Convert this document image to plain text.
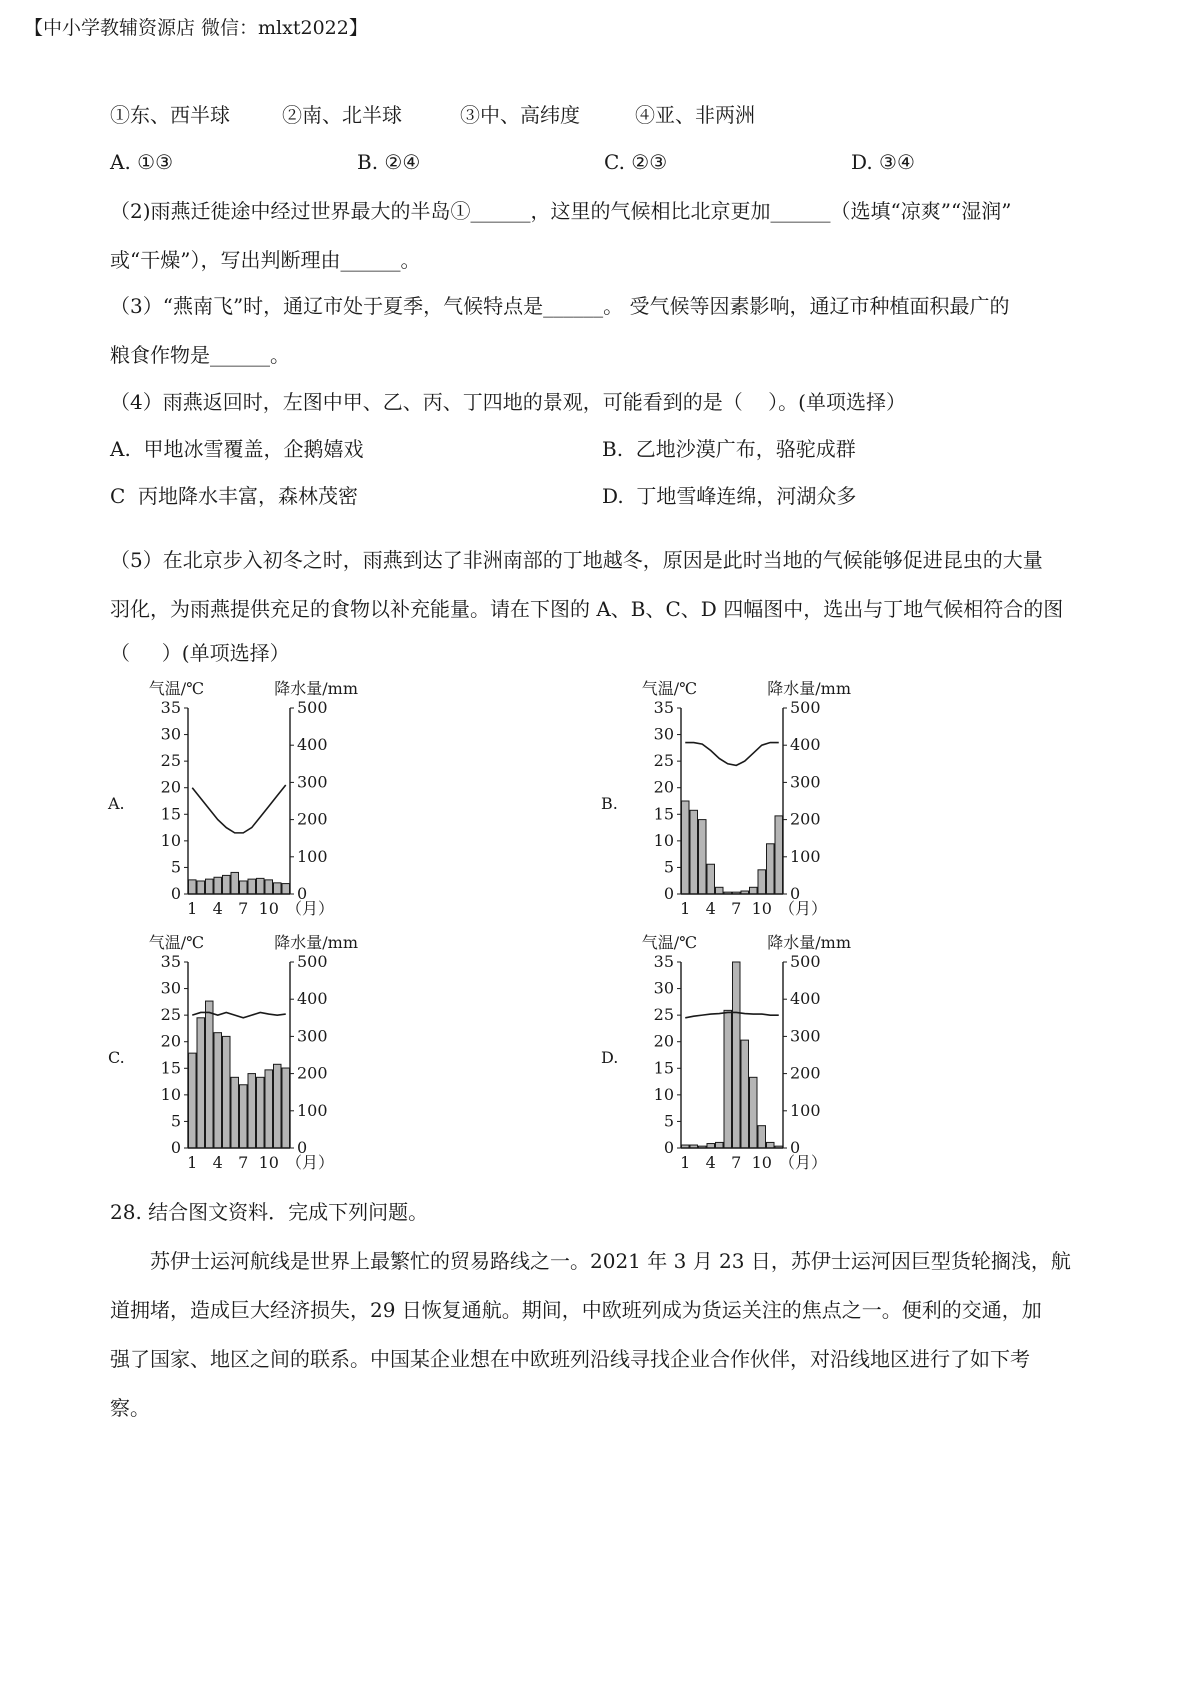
【中小学教辅资源店 微信：mlxt2022】
①东、西半球	②南、北半球	③中、高纬度	④亚、非两洲
A. ①③	B. ②④	C. ②③	D. ③④
（2)雨燕迁徙途中经过世界最大的半岛①______，这里的气候相比北京更加______（选填“凉爽”“湿润”
或“干燥”），写出判断理由______。
（3）“燕南飞”时，通辽市处于夏季，气候特点是______。 受气候等因素影响，通辽市种植面积最广的
粮食作物是______。
（4）雨燕返回时，左图中甲、乙、丙、丁四地的景观，可能看到的是（    ）。(单项选择）
A.  甲地冰雪覆盖，企鹅嬉戏	B.  乙地沙漠广布，骆驼成群
C  丙地降水丰富，森林茂密	D.  丁地雪峰连绵，河湖众多
（5）在北京步入初冬之时，雨燕到达了非洲南部的丁地越冬，原因是此时当地的气候能够促进昆虫的大量
羽化，为雨燕提供充足的食物以补充能量。请在下图的 A、B、C、D 四幅图中，选出与丁地气候相符合的图
（     ）(单项选择）
A.
气温/℃	降水量/mm
0
5
10
15
20
25
30
35
0
100
200
300
400
500
1 4 7 10 （月）
B.
气温/℃	降水量/mm
0
5
10
15
20
25
30
35
0
100
200
300
400
500
1 4 7 10 （月）
C.
气温/℃	降水量/mm
0
5
10
15
20
25
30
35
0
100
200
300
400
500
1 4 7 10 （月）
D.
气温/℃	降水量/mm
0
5
10
15
20
25
30
35
0
100
200
300
400
500
1 4 7 10 （月）
28. 结合图文资料．完成下列问题。
苏伊士运河航线是世界上最繁忙的贸易路线之一。2021 年 3 月 23 日，苏伊士运河因巨型货轮搁浅，航
道拥堵，造成巨大经济损失，29 日恢复通航。期间，中欧班列成为货运关注的焦点之一。便利的交通，加
强了国家、地区之间的联系。中国某企业想在中欧班列沿线寻找企业合作伙伴，对沿线地区进行了如下考
察。
